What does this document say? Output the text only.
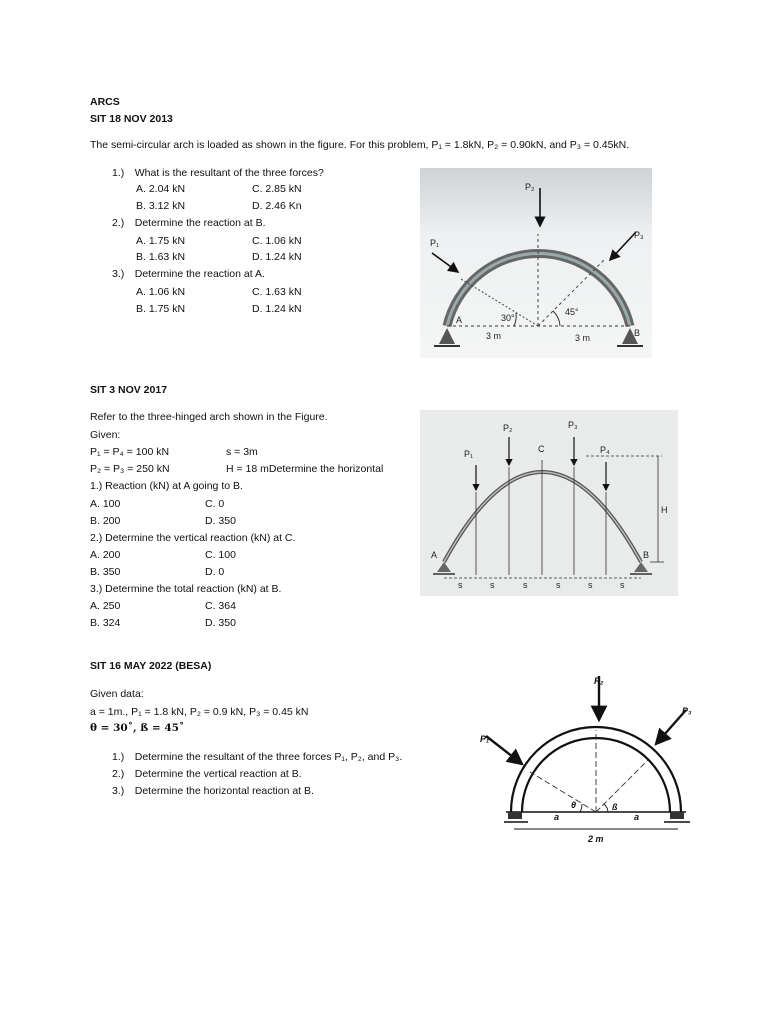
ARCS
SIT 18 NOV 2013
The semi-circular arch is loaded as shown in the figure. For this problem, P₁ = 1.8kN, P₂ = 0.90kN, and P₃ = 0.45kN.
1.) What is the resultant of the three forces?
A. 2.04 kN	C. 2.85 kN
B. 3.12 kN	D. 2.46 Kn
2.) Determine the reaction at B.
A. 1.75 kN	C. 1.06 kN
B. 1.63 kN	D. 1.24 kN
3.) Determine the reaction at A.
A. 1.06 kN	C. 1.63 kN
B. 1.75 kN	D. 1.24 kN
P₂
P₁
P₃
A
B
30°
45°
3 m	3 m
SIT 3 NOV 2017
Refer to the three-hinged arch shown in the Figure.
Given:
P₁ = P₄ = 100 kN	s = 3m
P₂ = P₃ = 250 kN	H = 18 mDetermine the horizontal
1.) Reaction (kN) at A going to B.
A. 100	C. 0
B. 200	D. 350
2.) Determine the vertical reaction (kN) at C.
A. 200	C. 100
B. 350	D. 0
3.) Determine the total reaction (kN) at B.
A. 250	C. 364
B. 324	D. 350
P₁
P₂	P₃
P₄
C
A	B
H
s	s	s	s	s	s
SIT 16 MAY 2022 (BESA)
Given data:
a = 1m., P₁ = 1.8 kN, P₂ = 0.9 kN, P₃ = 0.45 kN
θ = 30˚, ß = 45˚
1.) Determine the resultant of the three forces P₁, P₂, and P₃.
2.) Determine the vertical reaction at B.
3.) Determine the horizontal reaction at B.
P₂
P₁
P₃
θ	ß
a	a
2 m
